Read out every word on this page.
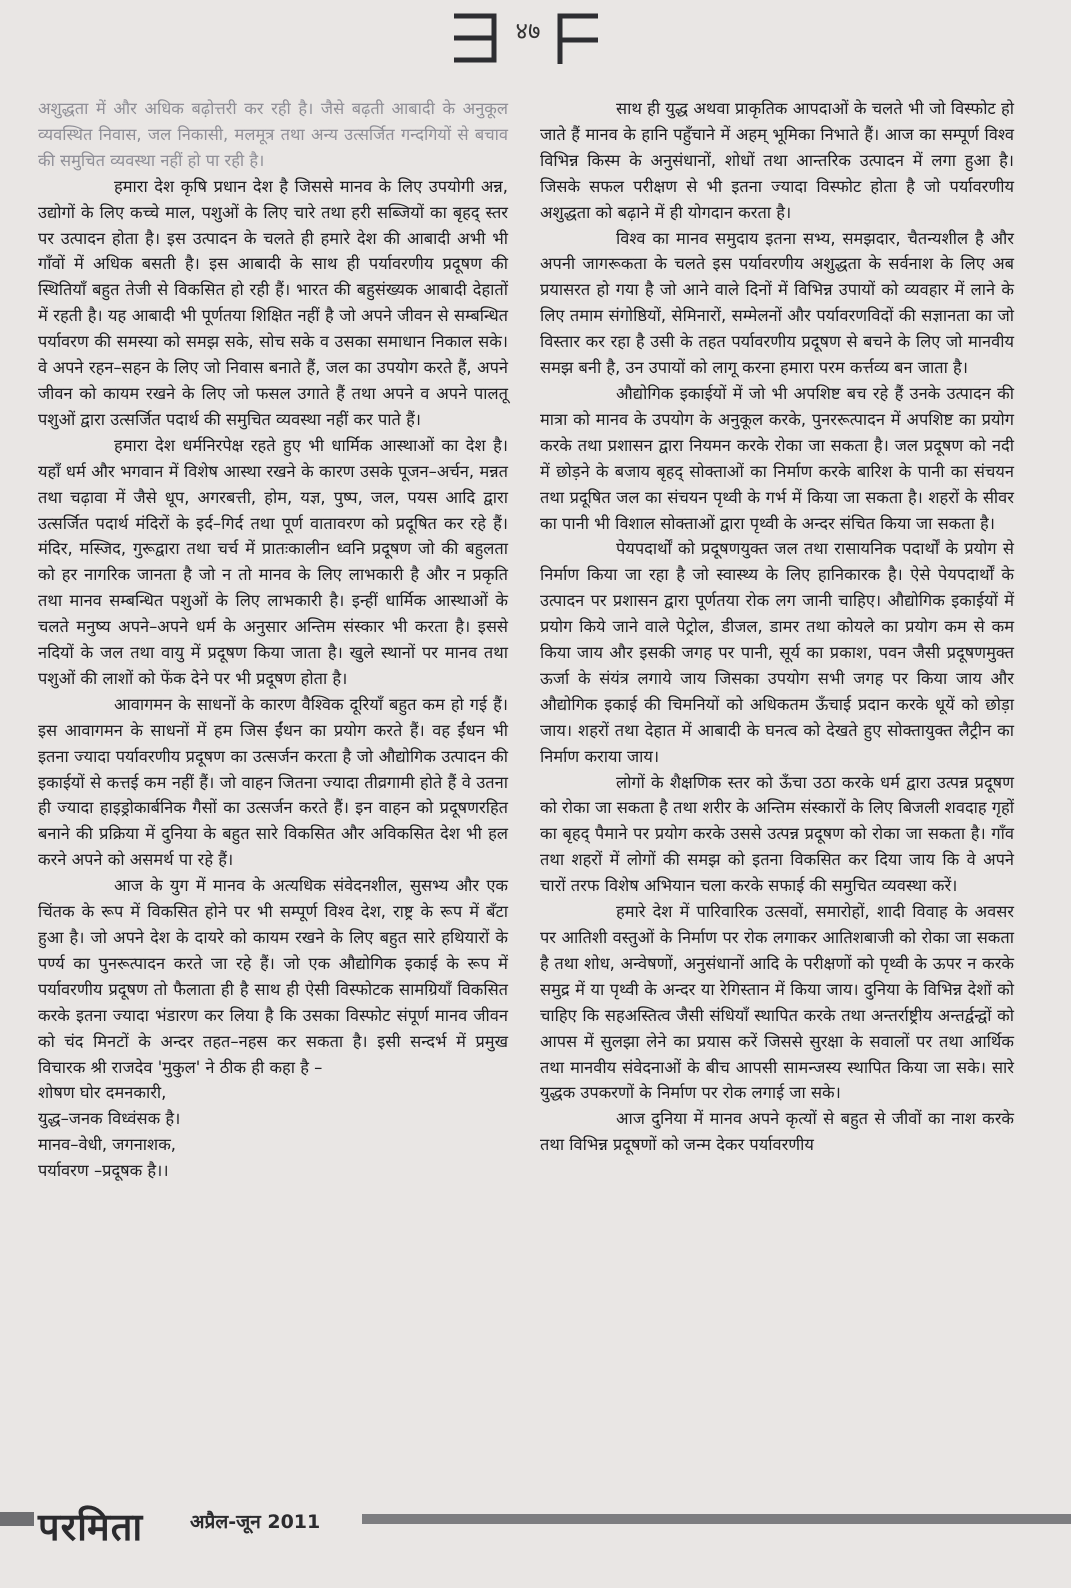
४७

अशुद्धता में और अधिक बढ़ोत्तरी कर रही है। जैसे बढ़ती आबादी के अनुकूल व्यवस्थित निवास, जल निकासी, मलमूत्र तथा अन्य उत्सर्जित गन्दगियों से बचाव की समुचित व्यवस्था नहीं हो पा रही है।

हमारा देश कृषि प्रधान देश है जिससे मानव के लिए उपयोगी अन्न, उद्योगों के लिए कच्चे माल, पशुओं के लिए चारे तथा हरी सब्जियों का बृहद् स्तर पर उत्पादन होता है। इस उत्पादन के चलते ही हमारे देश की आबादी अभी भी गाँवों में अधिक बसती है। इस आबादी के साथ ही पर्यावरणीय प्रदूषण की स्थितियाँ बहुत तेजी से विकसित हो रही हैं। भारत की बहुसंख्यक आबादी देहातों में रहती है। यह आबादी भी पूर्णतया शिक्षित नहीं है जो अपने जीवन से सम्बन्धित पर्यावरण की समस्या को समझ सके, सोच सके व उसका समाधान निकाल सके। वे अपने रहन–सहन के लिए जो निवास बनाते हैं, जल का उपयोग करते हैं, अपने जीवन को कायम रखने के लिए जो फसल उगाते हैं तथा अपने व अपने पालतू पशुओं द्वारा उत्सर्जित पदार्थ की समुचित व्यवस्था नहीं कर पाते हैं।

हमारा देश धर्मनिरपेक्ष रहते हुए भी धार्मिक आस्थाओं का देश है। यहाँ धर्म और भगवान में विशेष आस्था रखने के कारण उसके पूजन–अर्चन, मन्नत तथा चढ़ावा में जैसे धूप, अगरबत्ती, होम, यज्ञ, पुष्प, जल, पयस आदि द्वारा उत्सर्जित पदार्थ मंदिरों के इर्द–गिर्द तथा पूर्ण वातावरण को प्रदूषित कर रहे हैं। मंदिर, मस्जिद, गुरूद्वारा तथा चर्च में प्रातःकालीन ध्वनि प्रदूषण जो की बहुलता को हर नागरिक जानता है जो न तो मानव के लिए लाभकारी है और न प्रकृति तथा मानव सम्बन्धित पशुओं के लिए लाभकारी है। इन्हीं धार्मिक आस्थाओं के चलते मनुष्य अपने–अपने धर्म के अनुसार अन्तिम संस्कार भी करता है। इससे नदियों के जल तथा वायु में प्रदूषण किया जाता है। खुले स्थानों पर मानव तथा पशुओं की लाशों को फेंक देने पर भी प्रदूषण होता है।

आवागमन के साधनों के कारण वैश्विक दूरियाँ बहुत कम हो गई हैं। इस आवागमन के साधनों में हम जिस ईंधन का प्रयोग करते हैं। वह ईंधन भी इतना ज्यादा पर्यावरणीय प्रदूषण का उत्सर्जन करता है जो औद्योगिक उत्पादन की इकाईयों से कत्तई कम नहीं हैं। जो वाहन जितना ज्यादा तीव्रगामी होते हैं वे उतना ही ज्यादा हाइड्रोकार्बनिक गैसों का उत्सर्जन करते हैं। इन वाहन को प्रदूषणरहित बनाने की प्रक्रिया में दुनिया के बहुत सारे विकसित और अविकसित देश भी हल करने अपने को असमर्थ पा रहे हैं।

आज के युग में मानव के अत्यधिक संवेदनशील, सुसभ्य और एक चिंतक के रूप में विकसित होने पर भी सम्पूर्ण विश्व देश, राष्ट्र के रूप में बँटा हुआ है। जो अपने देश के दायरे को कायम रखने के लिए बहुत सारे हथियारों के पर्ण्य का पुनरूत्पादन करते जा रहे हैं। जो एक औद्योगिक इकाई के रूप में पर्यावरणीय प्रदूषण तो फैलाता ही है साथ ही ऐसी विस्फोटक सामग्रियाँ विकसित करके इतना ज्यादा भंडारण कर लिया है कि उसका विस्फोट संपूर्ण मानव जीवन को चंद मिनटों के अन्दर तहत–नहस कर सकता है। इसी सन्दर्भ में प्रमुख विचारक श्री राजदेव 'मुकुल' ने ठीक ही कहा है –

शोषण घोर दमनकारी,

युद्ध–जनक विध्वंसक है।

मानव–वेधी, जगनाशक,

पर्यावरण –प्रदूषक है।।

साथ ही युद्ध अथवा प्राकृतिक आपदाओं के चलते भी जो विस्फोट हो जाते हैं मानव के हानि पहुँचाने में अहम् भूमिका निभाते हैं। आज का सम्पूर्ण विश्व विभिन्न किस्म के अनुसंधानों, शोधों तथा आन्तरिक उत्पादन में लगा हुआ है। जिसके सफल परीक्षण से भी इतना ज्यादा विस्फोट होता है जो पर्यावरणीय अशुद्धता को बढ़ाने में ही योगदान करता है।

विश्व का मानव समुदाय इतना सभ्य, समझदार, चैतन्यशील है और अपनी जागरूकता के चलते इस पर्यावरणीय अशुद्धता के सर्वनाश के लिए अब प्रयासरत हो गया है जो आने वाले दिनों में विभिन्न उपायों को व्यवहार में लाने के लिए तमाम संगोष्ठियों, सेमिनारों, सम्मेलनों और पर्यावरणविदों की सज्ञानता का जो विस्तार कर रहा है उसी के तहत पर्यावरणीय प्रदूषण से बचने के लिए जो मानवीय समझ बनी है, उन उपायों को लागू करना हमारा परम कर्त्तव्य बन जाता है।

औद्योगिक इकाईयों में जो भी अपशिष्ट बच रहे हैं उनके उत्पादन की मात्रा को मानव के उपयोग के अनुकूल करके, पुनररूत्पादन में अपशिष्ट का प्रयोग करके तथा प्रशासन द्वारा नियमन करके रोका जा सकता है। जल प्रदूषण को नदी में छोड़ने के बजाय बृहद् सोक्ताओं का निर्माण करके बारिश के पानी का संचयन तथा प्रदूषित जल का संचयन पृथ्वी के गर्भ में किया जा सकता है। शहरों के सीवर का पानी भी विशाल सोक्ताओं द्वारा पृथ्वी के अन्दर संचित किया जा सकता है।

पेयपदार्थों को प्रदूषणयुक्त जल तथा रासायनिक पदार्थों के प्रयोग से निर्माण किया जा रहा है जो स्वास्थ्य के लिए हानिकारक है। ऐसे पेयपदार्थों के उत्पादन पर प्रशासन द्वारा पूर्णतया रोक लग जानी चाहिए। औद्योगिक इकाईयों में प्रयोग किये जाने वाले पेट्रोल, डीजल, डामर तथा कोयले का प्रयोग कम से कम किया जाय और इसकी जगह पर पानी, सूर्य का प्रकाश, पवन जैसी प्रदूषणमुक्त ऊर्जा के संयंत्र लगाये जाय जिसका उपयोग सभी जगह पर किया जाय और औद्योगिक इकाई की चिमनियों को अधिकतम ऊँचाई प्रदान करके धूयें को छोड़ा जाय। शहरों तथा देहात में आबादी के घनत्व को देखते हुए सोक्तायुक्त लैट्रीन का निर्माण कराया जाय।

लोगों के शैक्षणिक स्तर को ऊँचा उठा करके धर्म द्वारा उत्पन्न प्रदूषण को रोका जा सकता है तथा शरीर के अन्तिम संस्कारों के लिए बिजली शवदाह गृहों का बृहद् पैमाने पर प्रयोग करके उससे उत्पन्न प्रदूषण को रोका जा सकता है। गाँव तथा शहरों में लोगों की समझ को इतना विकसित कर दिया जाय कि वे अपने चारों तरफ विशेष अभियान चला करके सफाई की समुचित व्यवस्था करें।

हमारे देश में पारिवारिक उत्सवों, समारोहों, शादी विवाह के अवसर पर आतिशी वस्तुओं के निर्माण पर रोक लगाकर आतिशबाजी को रोका जा सकता है तथा शोध, अन्वेषणों, अनुसंधानों आदि के परीक्षणों को पृथ्वी के ऊपर न करके समुद्र में या पृथ्वी के अन्दर या रेगिस्तान में किया जाय। दुनिया के विभिन्न देशों को चाहिए कि सहअस्तित्व जैसी संधियाँ स्थापित करके तथा अन्तर्राष्ट्रीय अन्तर्द्वन्द्वों को आपस में सुलझा लेने का प्रयास करें जिससे सुरक्षा के सवालों पर तथा आर्थिक तथा मानवीय संवेदनाओं के बीच आपसी सामन्जस्य स्थापित किया जा सके। सारे युद्धक उपकरणों के निर्माण पर रोक लगाई जा सके।

आज दुनिया में मानव अपने कृत्यों से बहुत से जीवों का नाश करके तथा विभिन्न प्रदूषणों को जन्म देकर पर्यावरणीय

परमिता अप्रैल-जून 2011
